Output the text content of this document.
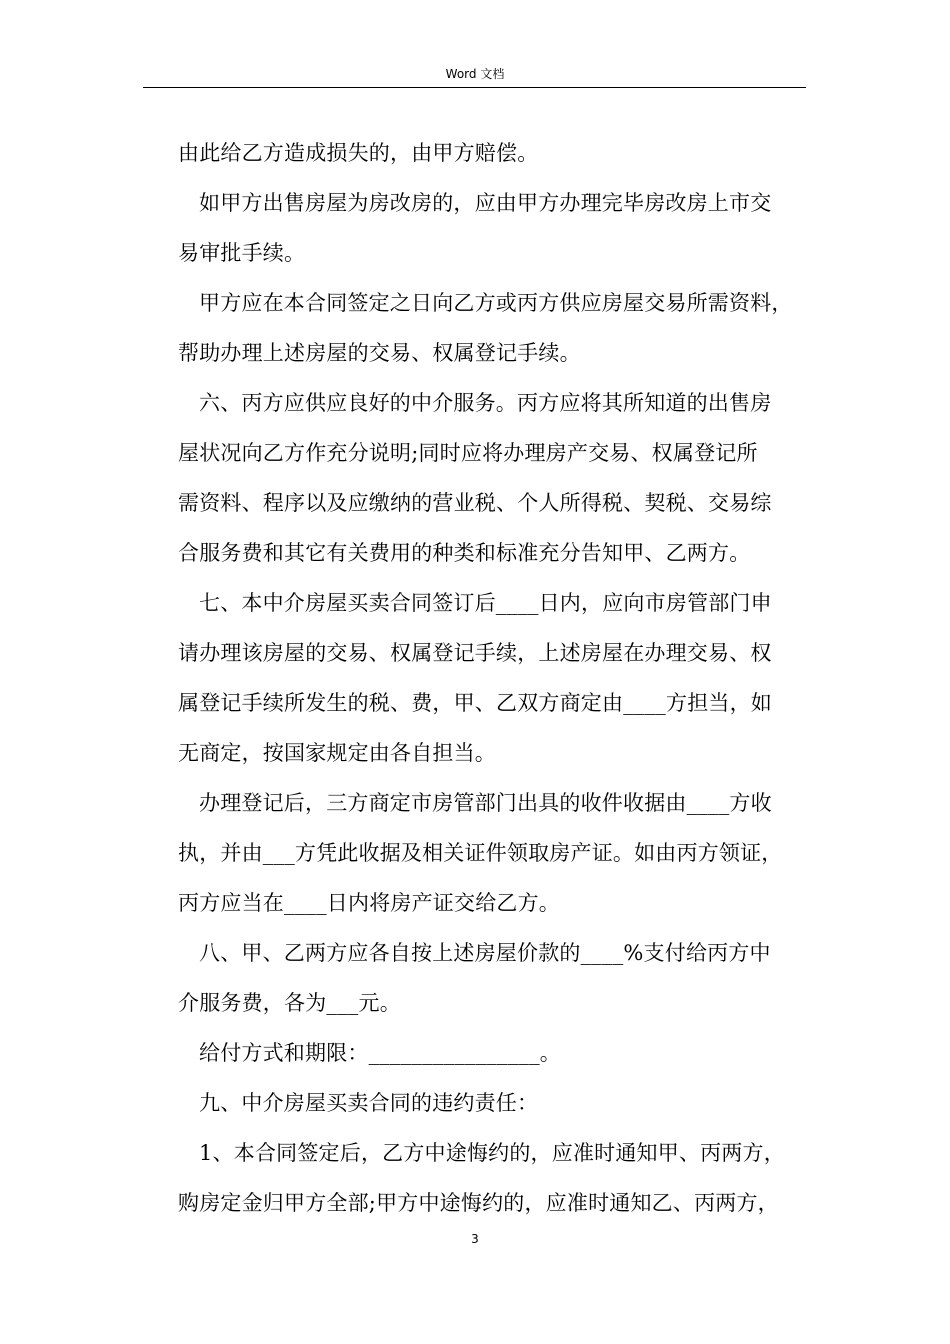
Word 文档
由此给乙方造成损失的，由甲方赔偿。
如甲方出售房屋为房改房的，应由甲方办理完毕房改房上市交
易审批手续。
甲方应在本合同签定之日向乙方或丙方供应房屋交易所需资料，
帮助办理上述房屋的交易、权属登记手续。
六、丙方应供应良好的中介服务。丙方应将其所知道的出售房
屋状况向乙方作充分说明;同时应将办理房产交易、权属登记所
需资料、程序以及应缴纳的营业税、个人所得税、契税、交易综
合服务费和其它有关费用的种类和标准充分告知甲、乙两方。
七、本中介房屋买卖合同签订后____日内，应向市房管部门申
请办理该房屋的交易、权属登记手续，上述房屋在办理交易、权
属登记手续所发生的税、费，甲、乙双方商定由____方担当，如
无商定，按国家规定由各自担当。
办理登记后，三方商定市房管部门出具的收件收据由____方收
执，并由___方凭此收据及相关证件领取房产证。如由丙方领证，
丙方应当在____日内将房产证交给乙方。
八、甲、乙两方应各自按上述房屋价款的____%支付给丙方中
介服务费，各为___元。
给付方式和期限：________________。
九、中介房屋买卖合同的违约责任：
1、本合同签定后，乙方中途悔约的，应准时通知甲、丙两方，
购房定金归甲方全部;甲方中途悔约的，应准时通知乙、丙两方，
3
